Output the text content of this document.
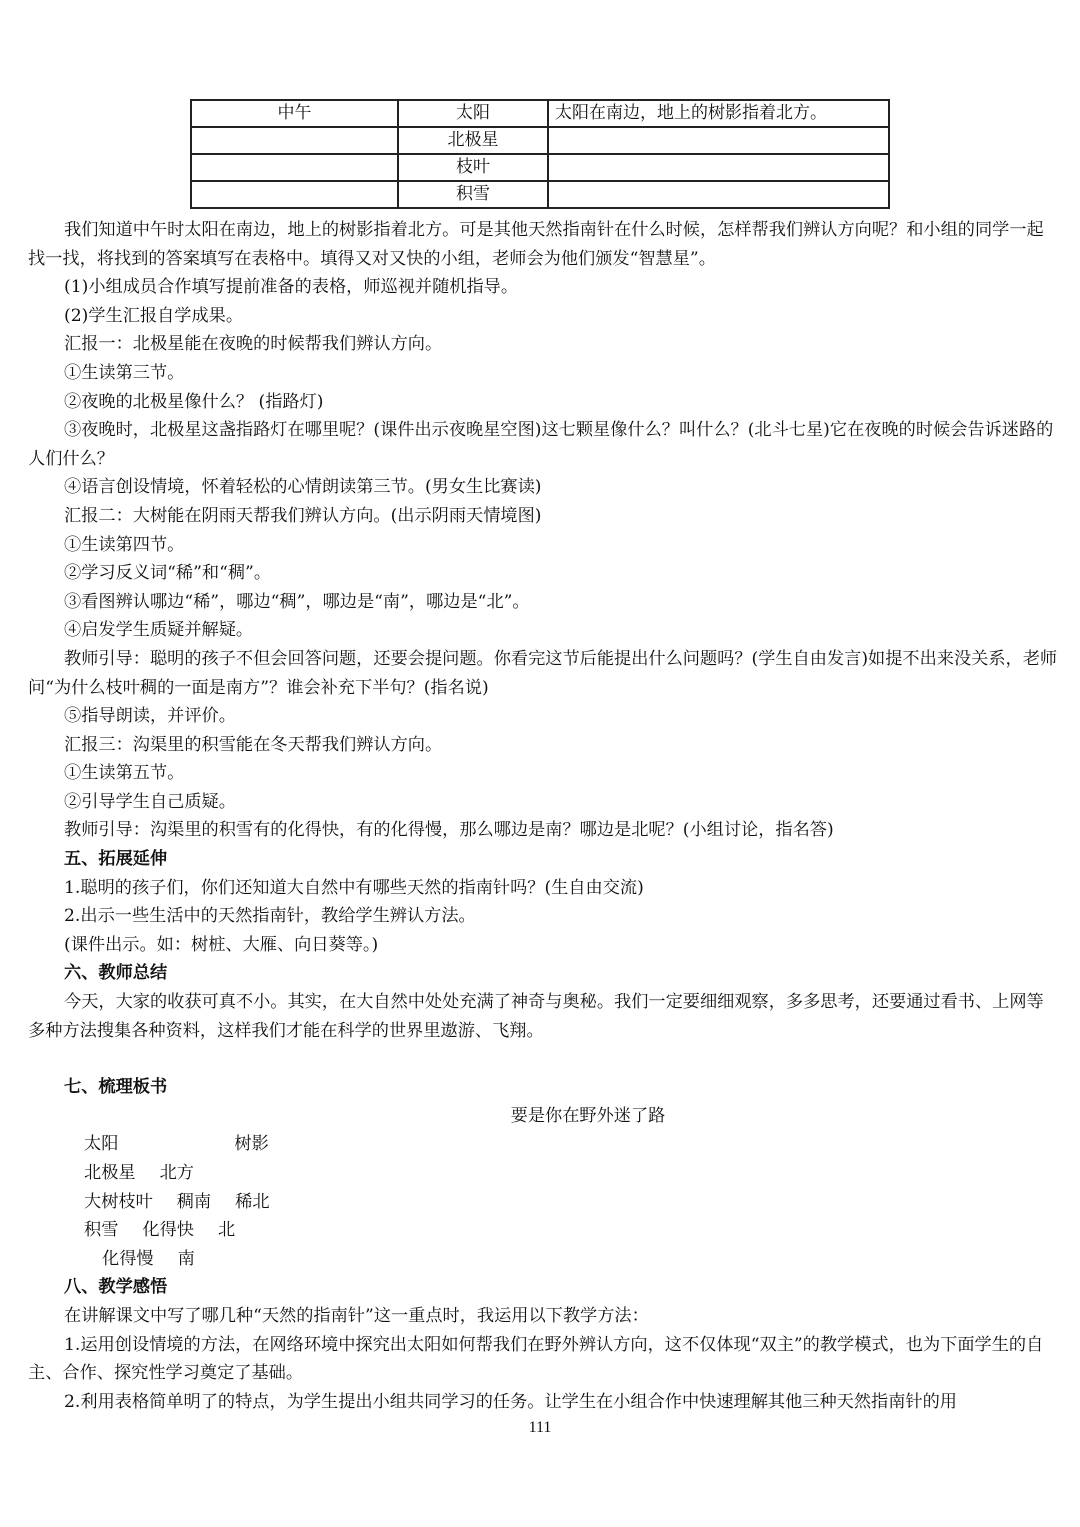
中午	太阳	太阳在南边，地上的树影指着北方。
	北极星	
	枝叶	
	积雪	

我们知道中午时太阳在南边，地上的树影指着北方。可是其他天然指南针在什么时候，怎样帮我们辨认方向呢？和小组的同学一起找一找，将找到的答案填写在表格中。填得又对又快的小组，老师会为他们颁发“智慧星”。

(1)小组成员合作填写提前准备的表格，师巡视并随机指导。

(2)学生汇报自学成果。

汇报一：北极星能在夜晚的时候帮我们辨认方向。

①生读第三节。

②夜晚的北极星像什么？ (指路灯)

③夜晚时，北极星这盏指路灯在哪里呢？(课件出示夜晚星空图)这七颗星像什么？叫什么？(北斗七星)它在夜晚的时候会告诉迷路的人们什么？

④语言创设情境，怀着轻松的心情朗读第三节。(男女生比赛读)

汇报二：大树能在阴雨天帮我们辨认方向。(出示阴雨天情境图)

①生读第四节。

②学习反义词“稀”和“稠”。

③看图辨认哪边“稀”，哪边“稠”，哪边是“南”，哪边是“北”。

④启发学生质疑并解疑。

教师引导：聪明的孩子不但会回答问题，还要会提问题。你看完这节后能提出什么问题吗？(学生自由发言)如提不出来没关系，老师问“为什么枝叶稠的一面是南方”？谁会补充下半句？(指名说)

⑤指导朗读，并评价。

汇报三：沟渠里的积雪能在冬天帮我们辨认方向。

①生读第五节。

②引导学生自己质疑。

教师引导：沟渠里的积雪有的化得快，有的化得慢，那么哪边是南？哪边是北呢？(小组讨论，指名答)

五、拓展延伸

1.聪明的孩子们，你们还知道大自然中有哪些天然的指南针吗？(生自由交流)

2.出示一些生活中的天然指南针，教给学生辨认方法。

(课件出示。如：树桩、大雁、向日葵等。)

六、教师总结

今天，大家的收获可真不小。其实，在大自然中处处充满了神奇与奥秘。我们一定要细细观察，多多思考，还要通过看书、上网等多种方法搜集各种资料，这样我们才能在科学的世界里遨游、飞翔。

七、梳理板书

要是你在野外迷了路

太阳	树影

北极星 北方

大树枝叶 稠南 稀北

积雪 化得快 北

化得慢 南

八、教学感悟

在讲解课文中写了哪几种“天然的指南针”这一重点时，我运用以下教学方法：

1.运用创设情境的方法，在网络环境中探究出太阳如何帮我们在野外辨认方向，这不仅体现“双主”的教学模式，也为下面学生的自主、合作、探究性学习奠定了基础。

2.利用表格简单明了的特点，为学生提出小组共同学习的任务。让学生在小组合作中快速理解其他三种天然指南针的用

111
